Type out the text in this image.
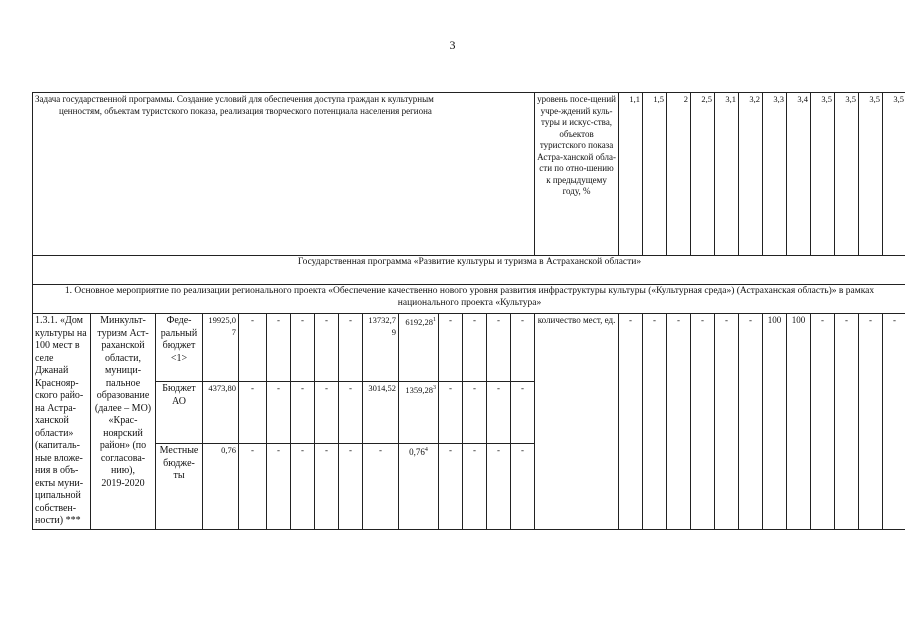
3
Задача государственной программы. Создание условий для обеспечения доступа граждан к культурным
ценностям, объектам туристского показа, реализация творческого потенциала населения региона															уровень посе-щений учре-ждений куль-туры и искус-ства, объектов туристского показа Астра-ханской обла-сти по отно-шению к предыдущему году, %	1,1	1,5	2	2,5	3,1	3,2	3,3	3,4	3,5	3,5	3,5	3,5
Государственная программа «Развитие культуры и туризма в Астраханской области»																											
1. Основное мероприятие по реализации регионального проекта «Обеспечение качественно нового уровня развития инфраструктуры культуры («Культурная среда») (Астраханская область)» в рамках национального проекта «Культура»																											
1.3.1. «Дом культуры на 100 мест в селе Джанай Краснояр-ского райо-на Астра-ханской области» (капиталь-ные вложе-ния в объ-екты муни-ципальной собствен-ности) ***	Минкульт-туризм Аст-раханской области, муници-пальное образование (далее – МО) «Крас-ноярский район» (по согласова-нию),
2019-2020	Феде-ральный бюджет <1>	19925,07	-	-	-	-	-	13732,79	6192,28$^1$	-	-	-	-	количество мест, ед.	-	-	-	-	-	-	100	100	-	-	-	-
		Бюджет АО	4373,80	-	-	-	-	-	3014,52	1359,28$^3$	-	-	-	-													
		Местные бюдже-ты	0,76	-	-	-	-	-	-	0,76$^4$	-	-	-	-													
